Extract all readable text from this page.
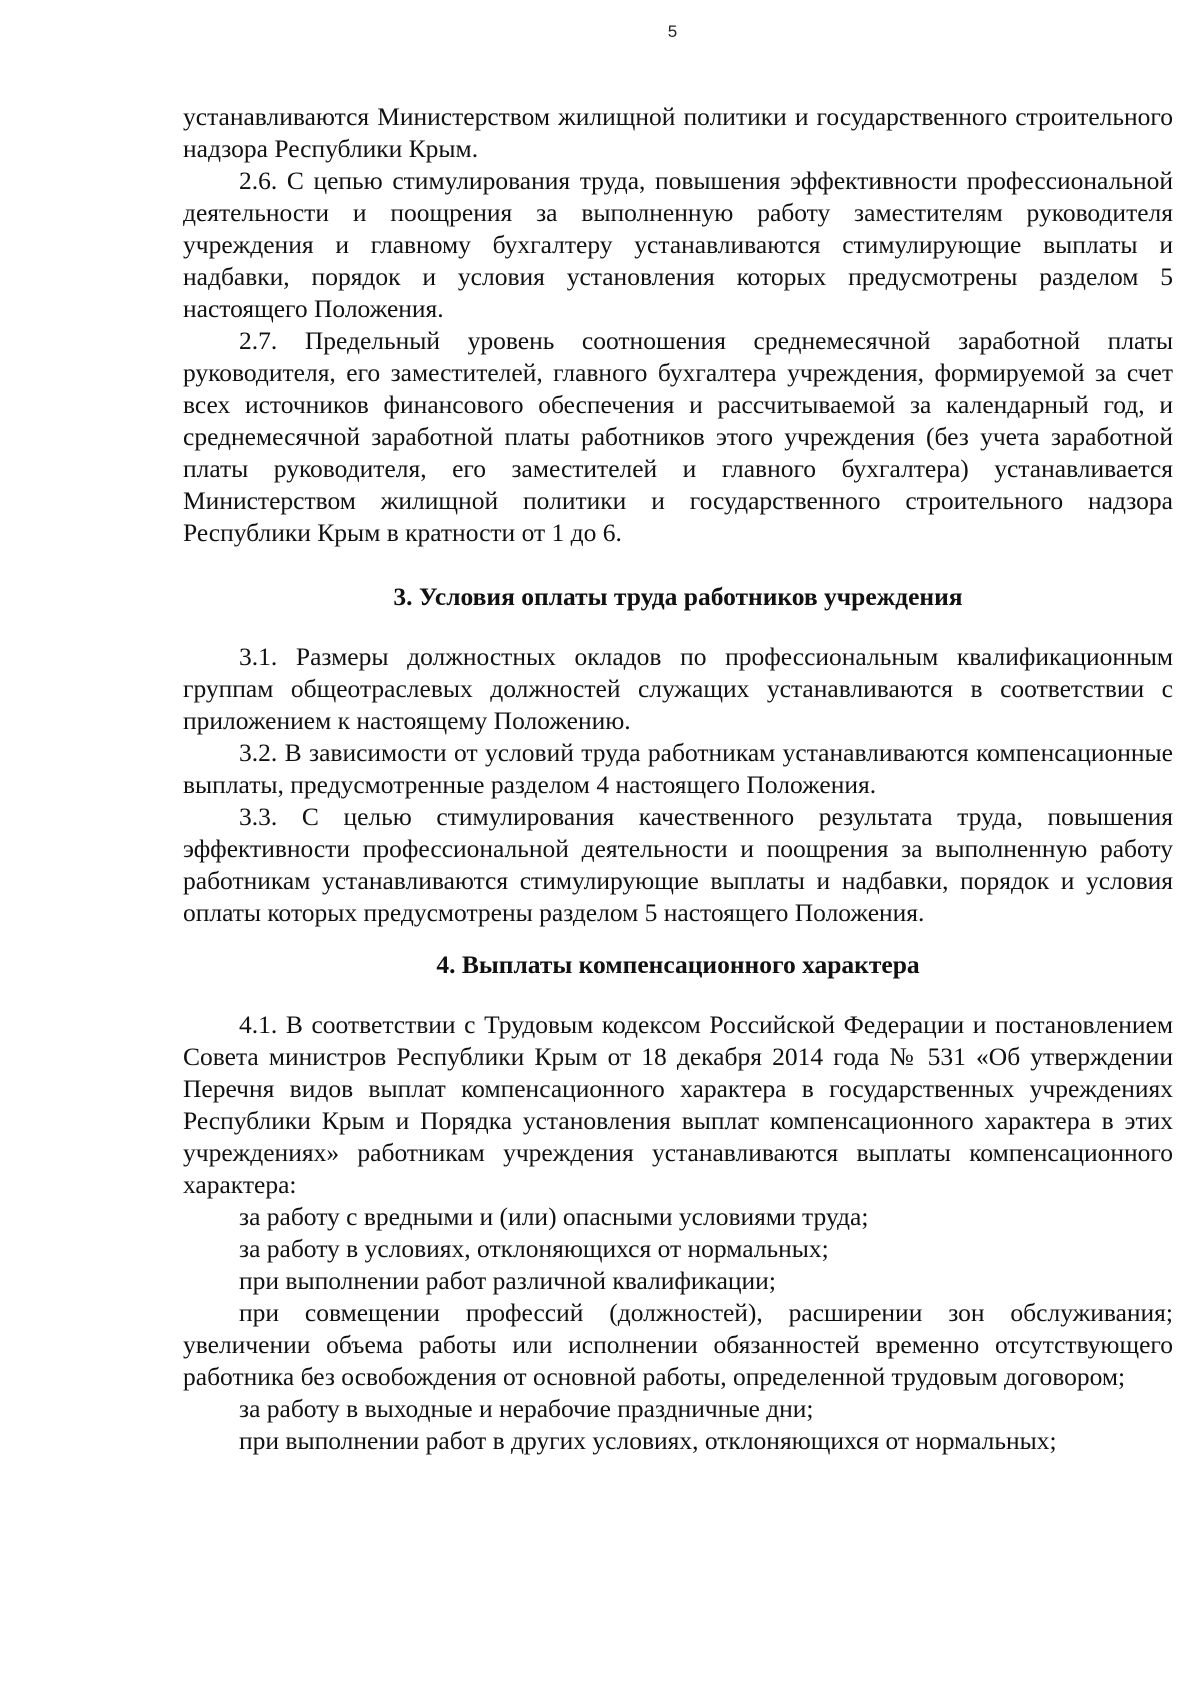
5

устанавливаются Министерством жилищной политики и государственного строительного надзора Республики Крым.

2.6. С цепью стимулирования труда, повышения эффективности профессиональной деятельности и поощрения за выполненную работу заместителям руководителя учреждения и главному бухгалтеру устанавливаются стимулирующие выплаты и надбавки, порядок и условия установления которых предусмотрены разделом 5 настоящего Положения.

2.7. Предельный уровень соотношения среднемесячной заработной платы руководителя, его заместителей, главного бухгалтера учреждения, формируемой за счет всех источников финансового обеспечения и рассчитываемой за календарный год, и среднемесячной заработной платы работников этого учреждения (без учета заработной платы руководителя, его заместителей и главного бухгалтера) устанавливается Министерством жилищной политики и государственного строительного надзора Республики Крым в кратности от 1 до 6.

3. Условия оплаты труда работников учреждения

3.1. Размеры должностных окладов по профессиональным квалификационным группам общеотраслевых должностей служащих устанавливаются в соответствии с приложением к настоящему Положению.

3.2. В зависимости от условий труда работникам устанавливаются компенсационные выплаты, предусмотренные разделом 4 настоящего Положения.

3.3. С целью стимулирования качественного результата труда, повышения эффективности профессиональной деятельности и поощрения за выполненную работу работникам устанавливаются стимулирующие выплаты и надбавки, порядок и условия оплаты которых предусмотрены разделом 5 настоящего Положения.

4. Выплаты компенсационного характера

4.1. В соответствии с Трудовым кодексом Российской Федерации и постановлением Совета министров Республики Крым от 18 декабря 2014 года № 531 «Об утверждении Перечня видов выплат компенсационного характера в государственных учреждениях Республики Крым и Порядка установления выплат компенсационного характера в этих учреждениях» работникам учреждения устанавливаются выплаты компенсационного характера:

за работу с вредными и (или) опасными условиями труда;

за работу в условиях, отклоняющихся от нормальных;

при выполнении работ различной квалификации;

при совмещении профессий (должностей), расширении зон обслуживания; увеличении объема работы или исполнении обязанностей временно отсутствующего работника без освобождения от основной работы, определенной трудовым договором;

за работу в выходные и нерабочие праздничные дни;

при выполнении работ в других условиях, отклоняющихся от нормальных;
